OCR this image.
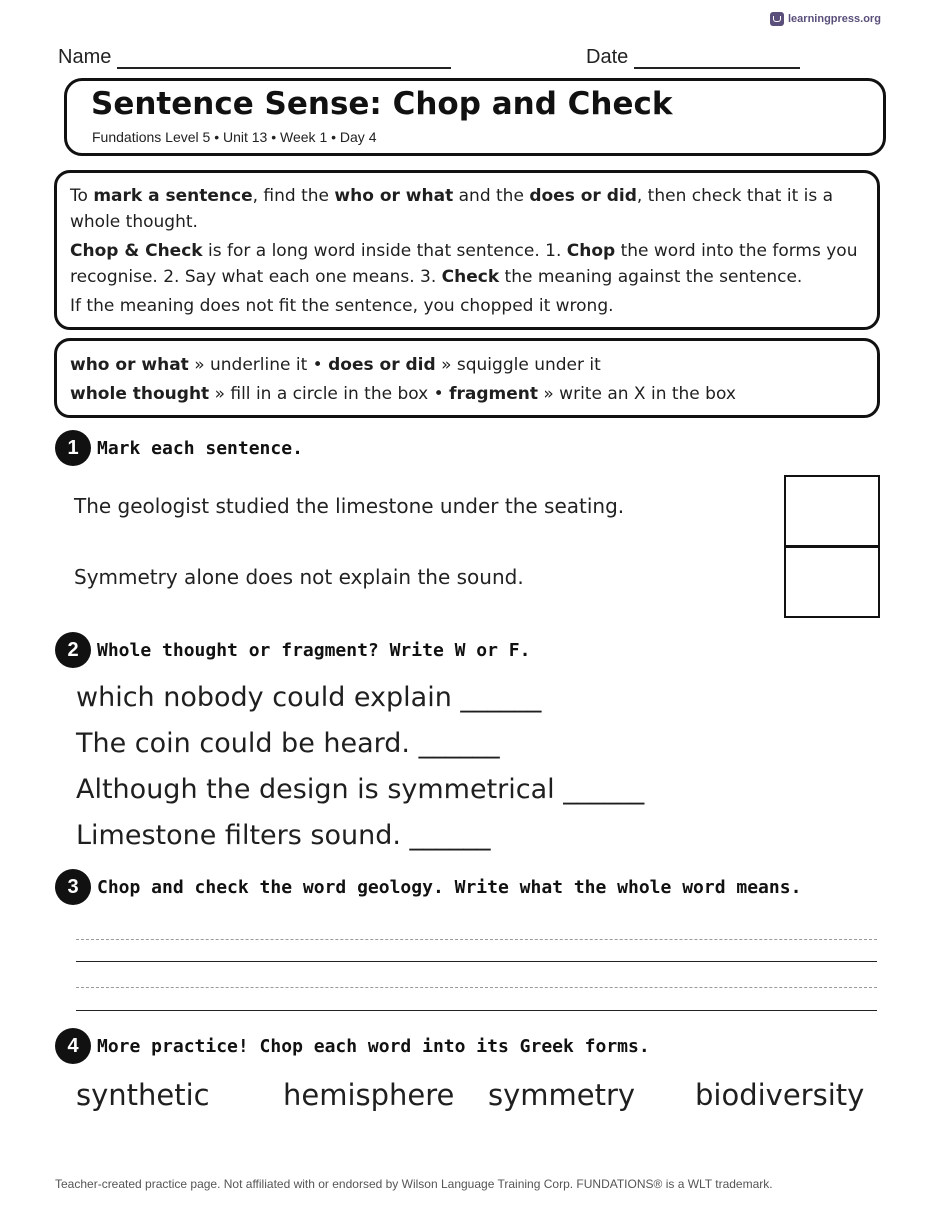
learningpress.org
Name	Date
Sentence Sense: Chop and Check
Fundations Level 5 • Unit 13 • Week 1 • Day 4

To mark a sentence, find the who or what and the does or did, then check that it is a whole thought.

Chop & Check is for a long word inside that sentence. 1. Chop the word into the forms you recognise. 2. Say what each one means. 3. Check the meaning against the sentence.

If the meaning does not fit the sentence, you chopped it wrong.

who or what » underline it • does or did » squiggle under it
whole thought » fill in a circle in the box • fragment » write an X in the box
1	Mark each sentence.
The geologist studied the limestone under the seating.
Symmetry alone does not explain the sound.
2	Whole thought or fragment? Write W or F.
which nobody could explain ______
The coin could be heard. ______
Although the design is symmetrical ______
Limestone filters sound. ______
3	Chop and check the word geology. Write what the whole word means.
4	More practice! Chop each word into its Greek forms.
synthetic	hemisphere symmetry biodiversity
Teacher-created practice page. Not affiliated with or endorsed by Wilson Language Training Corp. FUNDATIONS® is a WLT trademark.
